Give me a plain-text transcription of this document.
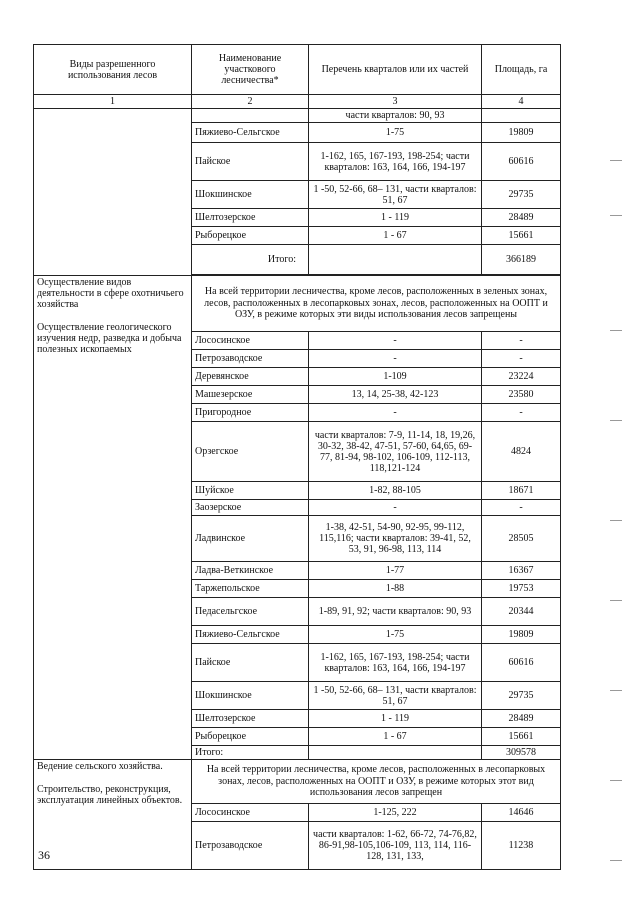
Виды разрешенного использования лесов	Наименование участкового лесничества*	Перечень кварталов или их частей	Площадь, га
1	2	3	4
		части кварталов: 90, 93	
	Пяжиево-Сельгское	1-75	19809
	Пайское	1-162, 165, 167-193, 198-254; части кварталов: 163, 164, 166, 194-197	60616
	Шокшинское	1 -50, 52-66, 68– 131, части кварталов: 51, 67	29735
	Шелтозерское	1 - 119	28489
	Рыборецкое	1 - 67	15661
	Итого:		366189

Осуществление видов деятельности в сфере охотничьего хозяйства
Осуществление геологического изучения недр, разведка и добыча полезных ископаемых	На всей территории лесничества, кроме лесов, расположенных в зеленых зонах, лесов, расположенных в лесопарковых зонах, лесов, расположенных на ООПТ и ОЗУ, в режиме которых эти виды использования лесов запрещены		
	Лососинское	-	-
	Петрозаводское	-	-
	Деревянское	1-109	23224
	Машезерское	13, 14, 25-38, 42-123	23580
	Пригородное	-	-
	Орзегское	части кварталов: 7-9, 11-14, 18, 19,26, 30-32, 38-42, 47-51, 57-60, 64,65, 69-77, 81-94, 98-102, 106-109, 112-113, 118,121-124	4824
	Шуйское	1-82, 88-105	18671
	Заозерское	-	-
	Ладвинское	1-38, 42-51, 54-90, 92-95, 99-112, 115,116; части кварталов: 39-41, 52, 53, 91, 96-98, 113, 114	28505
	Ладва-Веткинское	1-77	16367
	Таржепольское	1-88	19753
	Педасельгское	1-89, 91, 92; части кварталов: 90, 93	20344
	Пяжиево-Сельгское	1-75	19809
	Пайское	1-162, 165, 167-193, 198-254; части кварталов: 163, 164, 166, 194-197	60616
	Шокшинское	1 -50, 52-66, 68– 131, части кварталов: 51, 67	29735
	Шелтозерское	1 - 119	28489
	Рыборецкое	1 - 67	15661
	Итого:		309578
Ведение сельского хозяйства.
Строительство, реконструкция, эксплуатация линейных объектов.	На всей территории лесничества, кроме лесов, расположенных в лесопарковых зонах, лесов, расположенных на ООПТ и ОЗУ, в режиме которых этот вид использования лесов запрещен		
	Лососинское	1-125, 222	14646
	Петрозаводское	части кварталов: 1-62, 66-72, 74-76,82, 86-91,98-105,106-109, 113, 114, 116-128, 131, 133,	11238
36
